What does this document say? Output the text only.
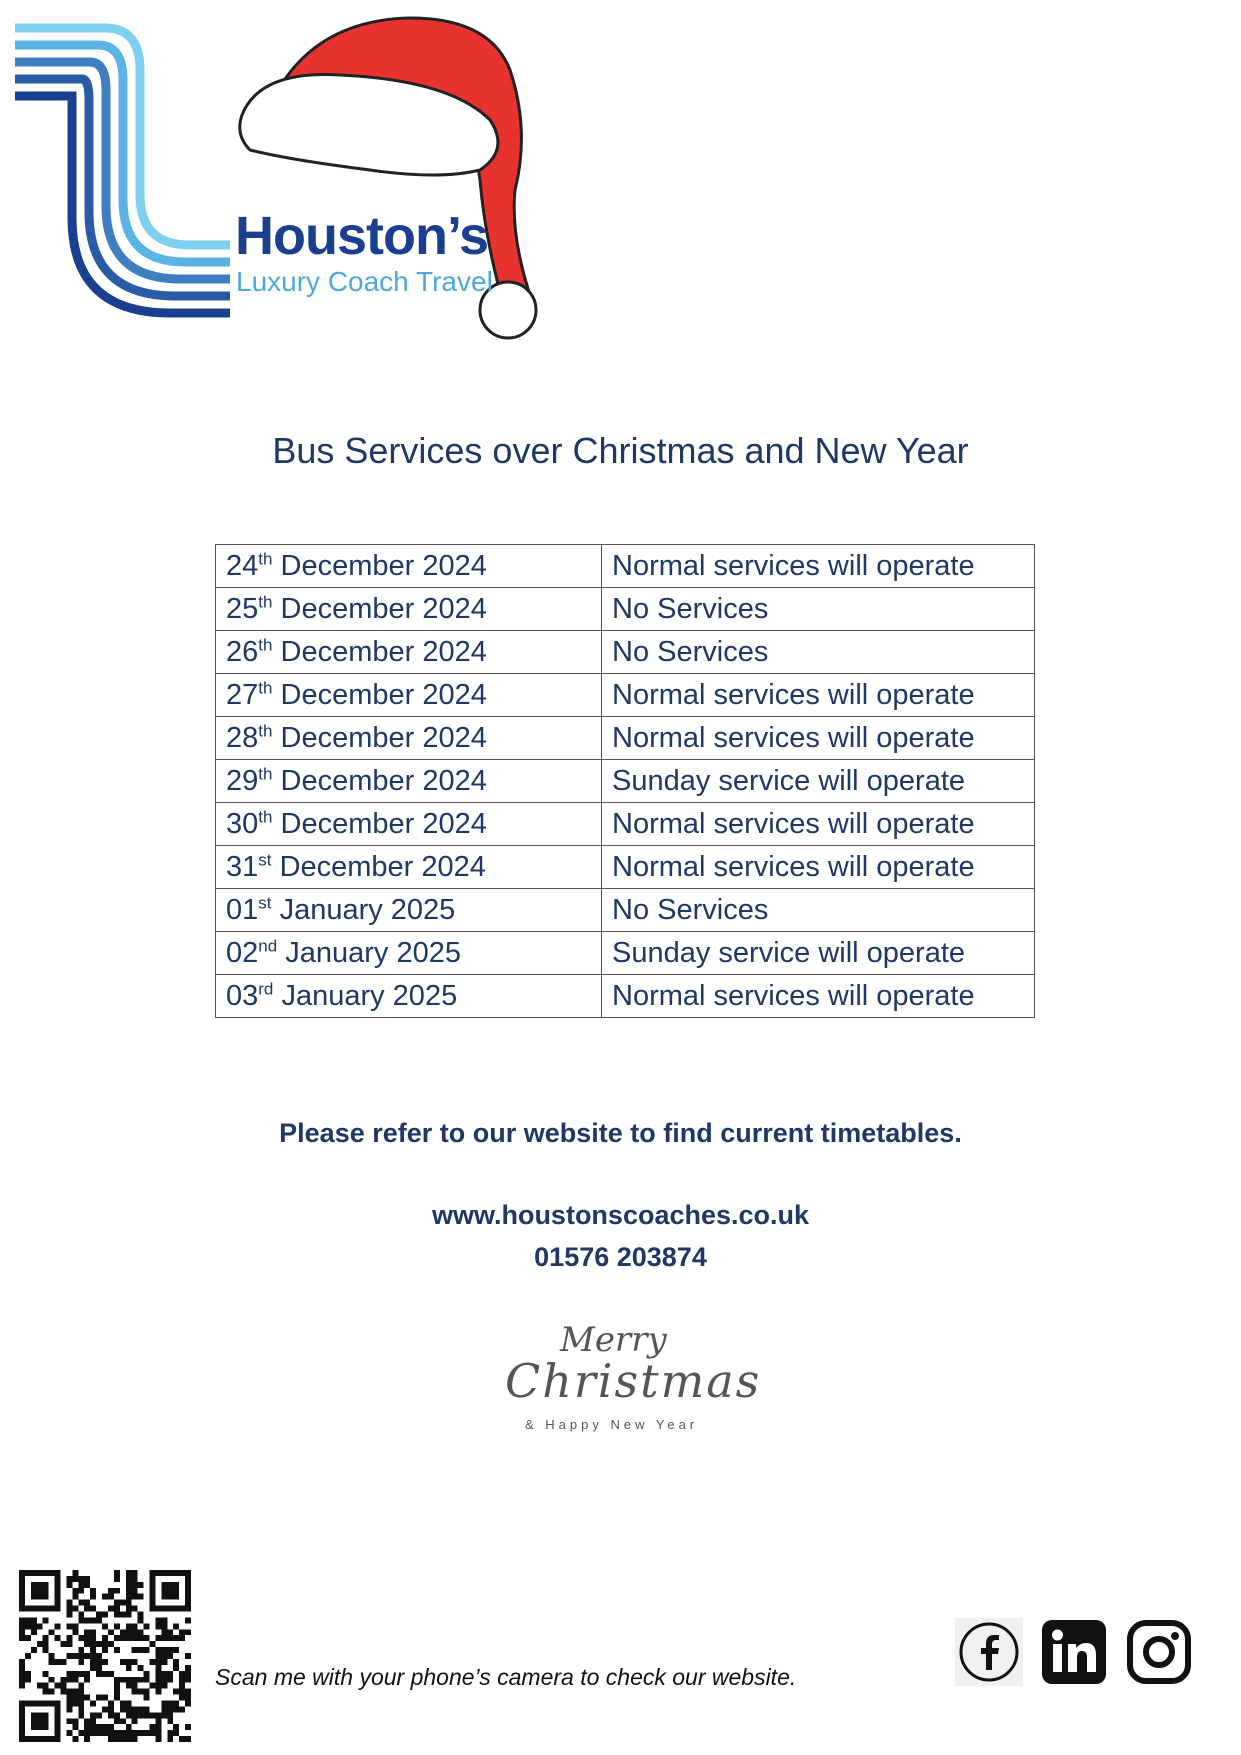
Houston’s
Luxury Coach Travel
Bus Services over Christmas and New Year
24th December 2024	Normal services will operate
25th December 2024	No Services
26th December 2024	No Services
27th December 2024	Normal services will operate
28th December 2024	Normal services will operate
29th December 2024	Sunday service will operate
30th December 2024	Normal services will operate
31st December 2024	Normal services will operate
01st January 2025	No Services
02nd January 2025	Sunday service will operate
03rd January 2025	Normal services will operate
Please refer to our website to find current timetables.
www.houstonscoaches.co.uk
01576 203874
Merry
Christmas
& Happy New Year
Scan me with your phone’s camera to check our website.
